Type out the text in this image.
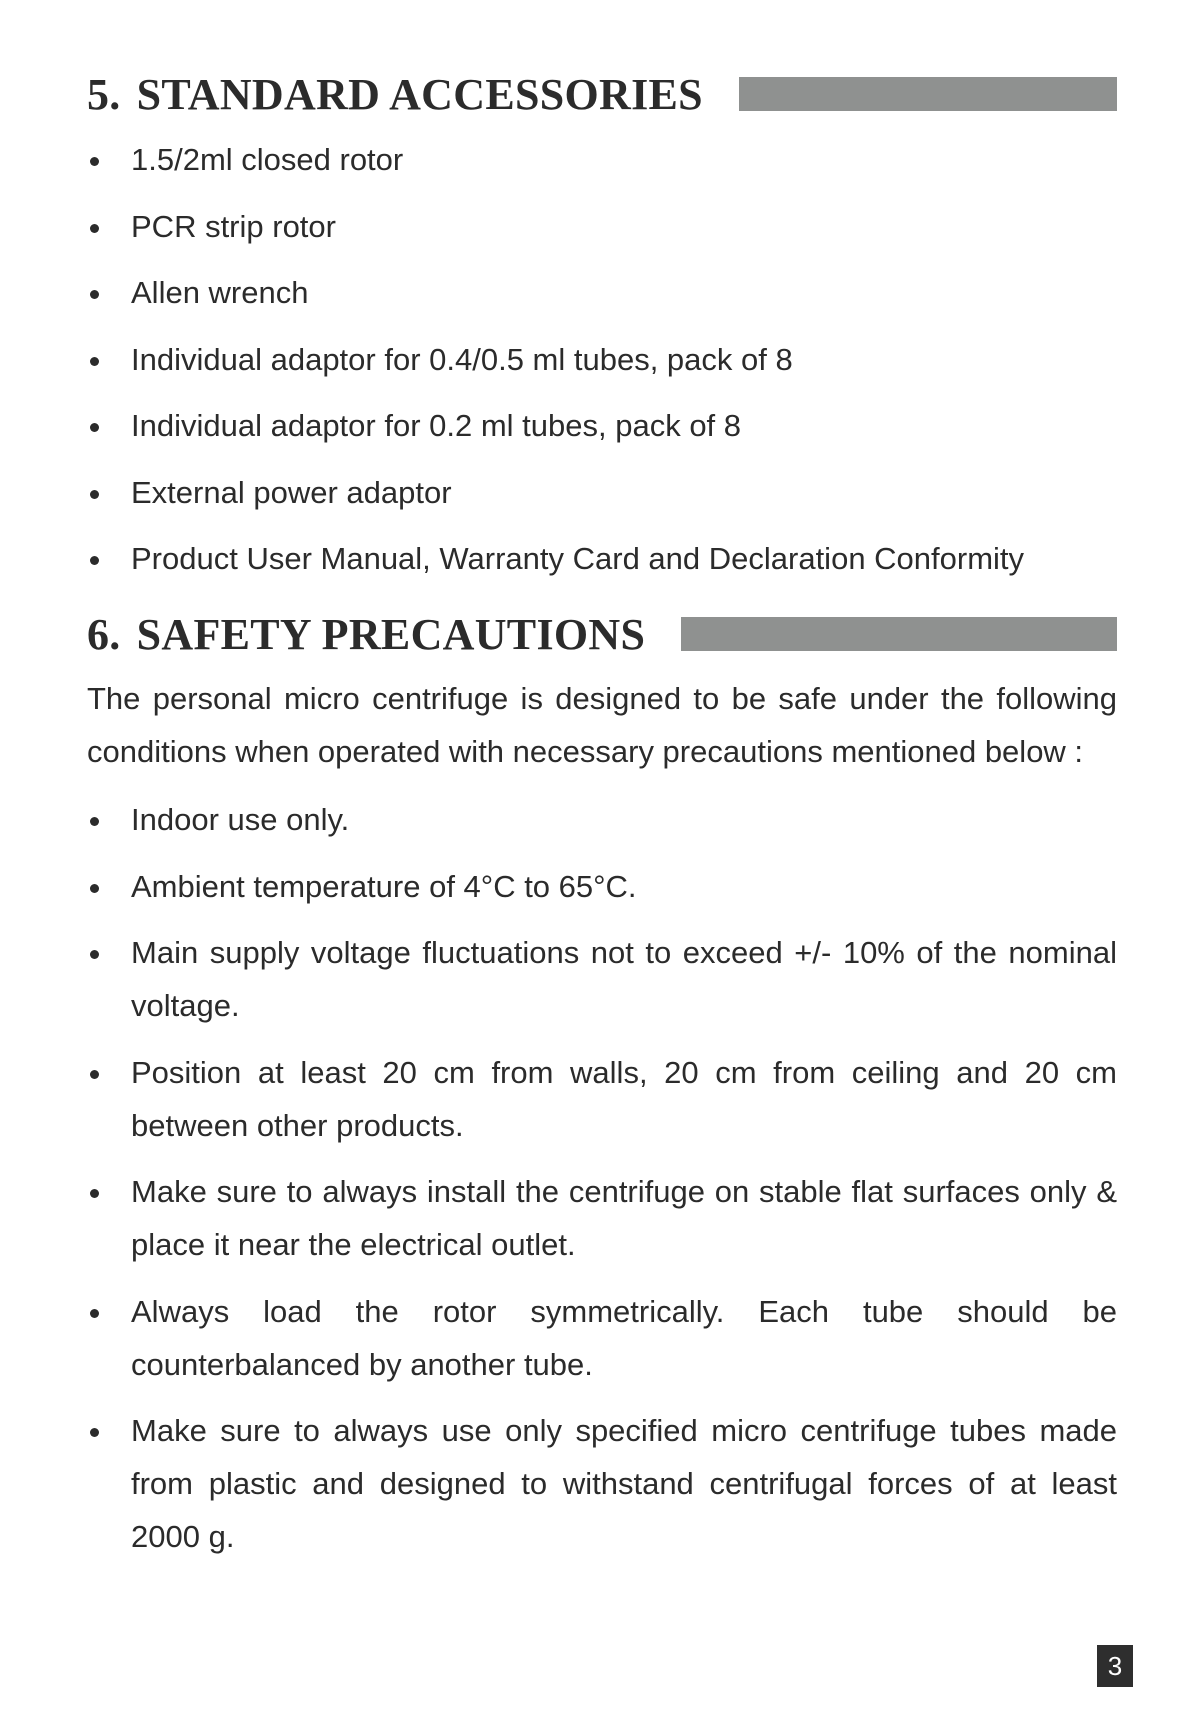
5. STANDARD ACCESSORIES
1.5/2ml closed rotor
PCR strip rotor
Allen wrench
Individual adaptor for 0.4/0.5 ml tubes, pack of 8
Individual adaptor for 0.2 ml tubes, pack of 8
External power adaptor
Product User Manual, Warranty Card and Declaration Conformity
6. SAFETY PRECAUTIONS

The personal micro centrifuge is designed to be safe under the following conditions when operated with necessary precautions mentioned below :

Indoor use only.
Ambient temperature of 4°C to 65°C.
Main supply voltage fluctuations not to exceed +/- 10% of the nominal voltage.
Position at least 20 cm from walls, 20 cm from ceiling and 20 cm between other products.
Make sure to always install the centrifuge on stable flat surfaces only & place it near the electrical outlet.
Always load the rotor symmetrically. Each tube should be counterbalanced by another tube.
Make sure to always use only specified micro centrifuge tubes made from plastic and designed to withstand centrifugal forces of at least 2000 g.
3
